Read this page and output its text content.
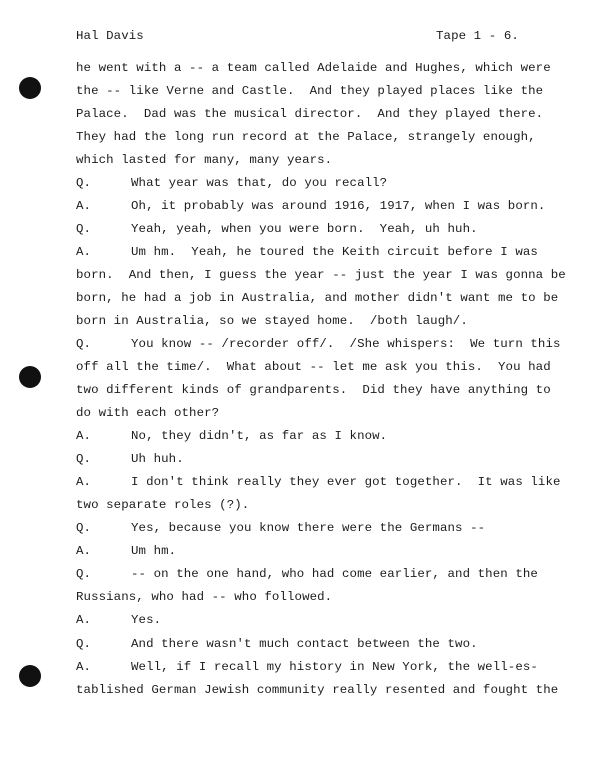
Hal Davis	Tape 1 - 6.
he went with a -- a team called Adelaide and Hughes, which were
the -- like Verne and Castle.  And they played places like the
Palace.  Dad was the musical director.  And they played there.
They had the long run record at the Palace, strangely enough,
which lasted for many, many years.
Q.	What year was that, do you recall?
A.	Oh, it probably was around 1916, 1917, when I was born.
Q.	Yeah, yeah, when you were born.  Yeah, uh huh.
A.	Um hm.  Yeah, he toured the Keith circuit before I was
born.  And then, I guess the year -- just the year I was gonna be
born, he had a job in Australia, and mother didn't want me to be
born in Australia, so we stayed home.  /both laugh/.
Q.	You know -- /recorder off/.  /She whispers:  We turn this
off all the time/.  What about -- let me ask you this.  You had
two different kinds of grandparents.  Did they have anything to
do with each other?
A.	No, they didn't, as far as I know.
Q.	Uh huh.
A.	I don't think really they ever got together.  It was like
two separate roles (?).
Q.	Yes, because you know there were the Germans --
A.	Um hm.
Q.	-- on the one hand, who had come earlier, and then the
Russians, who had -- who followed.
A.	Yes.
Q.	And there wasn't much contact between the two.
A.	Well, if I recall my history in New York, the well-es-
tablished German Jewish community really resented and fought the
